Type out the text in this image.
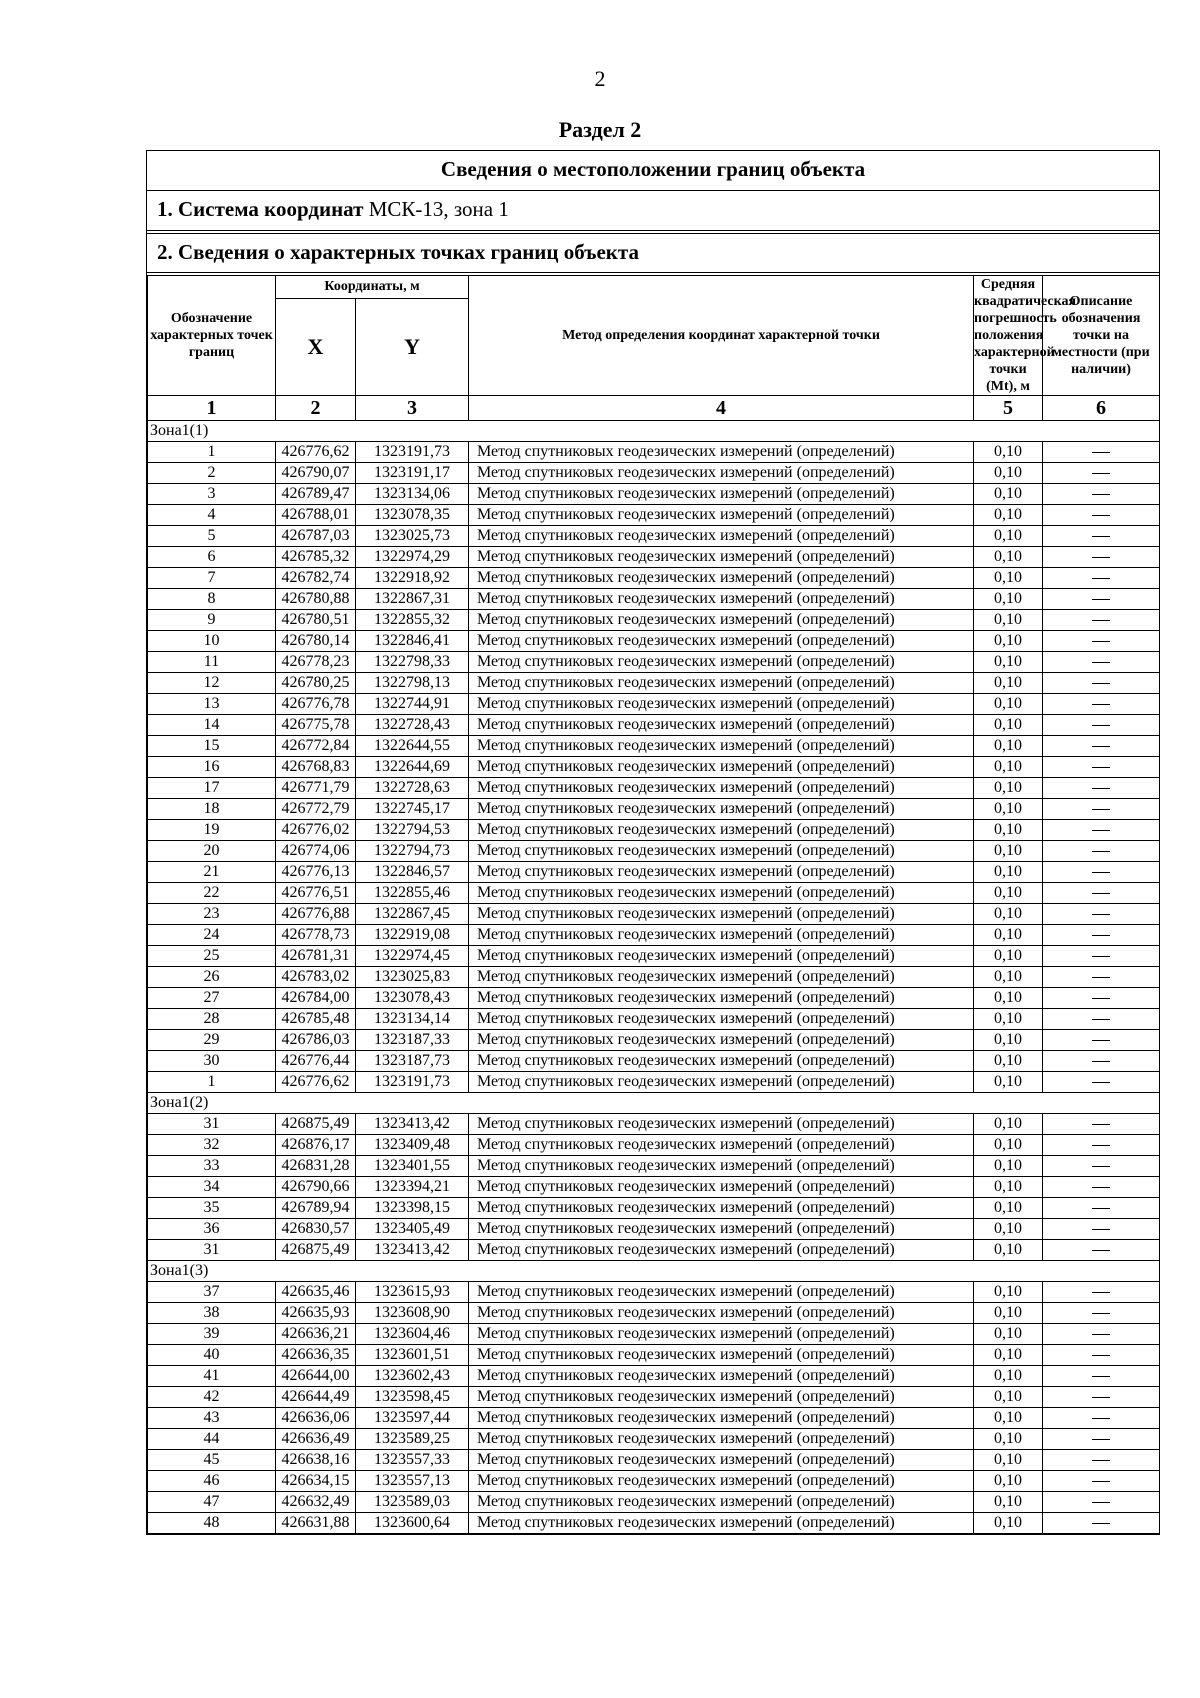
2
Раздел 2
Сведения о местоположении границ объекта
1. Система координат МСК-13, зона 1
2. Сведения о характерных точках границ объекта
Обозначение характерных точек границ	Координаты, м		Метод определения координат характерной точки	Средняя квадратическая погрешность положения характерной точки (Mt), м	Описание обозначения точки на местности (при наличии)
	X	Y			
1	2	3	4	5	6
Зона1(1)					
1	426776,62	1323191,73	Метод спутниковых геодезических измерений (определений)	0,10	
2	426790,07	1323191,17	Метод спутниковых геодезических измерений (определений)	0,10	
3	426789,47	1323134,06	Метод спутниковых геодезических измерений (определений)	0,10	
4	426788,01	1323078,35	Метод спутниковых геодезических измерений (определений)	0,10	
5	426787,03	1323025,73	Метод спутниковых геодезических измерений (определений)	0,10	
6	426785,32	1322974,29	Метод спутниковых геодезических измерений (определений)	0,10	
7	426782,74	1322918,92	Метод спутниковых геодезических измерений (определений)	0,10	
8	426780,88	1322867,31	Метод спутниковых геодезических измерений (определений)	0,10	
9	426780,51	1322855,32	Метод спутниковых геодезических измерений (определений)	0,10	
10	426780,14	1322846,41	Метод спутниковых геодезических измерений (определений)	0,10	
11	426778,23	1322798,33	Метод спутниковых геодезических измерений (определений)	0,10	
12	426780,25	1322798,13	Метод спутниковых геодезических измерений (определений)	0,10	
13	426776,78	1322744,91	Метод спутниковых геодезических измерений (определений)	0,10	
14	426775,78	1322728,43	Метод спутниковых геодезических измерений (определений)	0,10	
15	426772,84	1322644,55	Метод спутниковых геодезических измерений (определений)	0,10	
16	426768,83	1322644,69	Метод спутниковых геодезических измерений (определений)	0,10	
17	426771,79	1322728,63	Метод спутниковых геодезических измерений (определений)	0,10	
18	426772,79	1322745,17	Метод спутниковых геодезических измерений (определений)	0,10	
19	426776,02	1322794,53	Метод спутниковых геодезических измерений (определений)	0,10	
20	426774,06	1322794,73	Метод спутниковых геодезических измерений (определений)	0,10	
21	426776,13	1322846,57	Метод спутниковых геодезических измерений (определений)	0,10	
22	426776,51	1322855,46	Метод спутниковых геодезических измерений (определений)	0,10	
23	426776,88	1322867,45	Метод спутниковых геодезических измерений (определений)	0,10	
24	426778,73	1322919,08	Метод спутниковых геодезических измерений (определений)	0,10	
25	426781,31	1322974,45	Метод спутниковых геодезических измерений (определений)	0,10	
26	426783,02	1323025,83	Метод спутниковых геодезических измерений (определений)	0,10	
27	426784,00	1323078,43	Метод спутниковых геодезических измерений (определений)	0,10	
28	426785,48	1323134,14	Метод спутниковых геодезических измерений (определений)	0,10	
29	426786,03	1323187,33	Метод спутниковых геодезических измерений (определений)	0,10	
30	426776,44	1323187,73	Метод спутниковых геодезических измерений (определений)	0,10	
1	426776,62	1323191,73	Метод спутниковых геодезических измерений (определений)	0,10	
Зона1(2)					
31	426875,49	1323413,42	Метод спутниковых геодезических измерений (определений)	0,10	
32	426876,17	1323409,48	Метод спутниковых геодезических измерений (определений)	0,10	
33	426831,28	1323401,55	Метод спутниковых геодезических измерений (определений)	0,10	
34	426790,66	1323394,21	Метод спутниковых геодезических измерений (определений)	0,10	
35	426789,94	1323398,15	Метод спутниковых геодезических измерений (определений)	0,10	
36	426830,57	1323405,49	Метод спутниковых геодезических измерений (определений)	0,10	
31	426875,49	1323413,42	Метод спутниковых геодезических измерений (определений)	0,10	
Зона1(3)					
37	426635,46	1323615,93	Метод спутниковых геодезических измерений (определений)	0,10	
38	426635,93	1323608,90	Метод спутниковых геодезических измерений (определений)	0,10	
39	426636,21	1323604,46	Метод спутниковых геодезических измерений (определений)	0,10	
40	426636,35	1323601,51	Метод спутниковых геодезических измерений (определений)	0,10	
41	426644,00	1323602,43	Метод спутниковых геодезических измерений (определений)	0,10	
42	426644,49	1323598,45	Метод спутниковых геодезических измерений (определений)	0,10	
43	426636,06	1323597,44	Метод спутниковых геодезических измерений (определений)	0,10	
44	426636,49	1323589,25	Метод спутниковых геодезических измерений (определений)	0,10	
45	426638,16	1323557,33	Метод спутниковых геодезических измерений (определений)	0,10	
46	426634,15	1323557,13	Метод спутниковых геодезических измерений (определений)	0,10	
47	426632,49	1323589,03	Метод спутниковых геодезических измерений (определений)	0,10	
48	426631,88	1323600,64	Метод спутниковых геодезических измерений (определений)	0,10	
